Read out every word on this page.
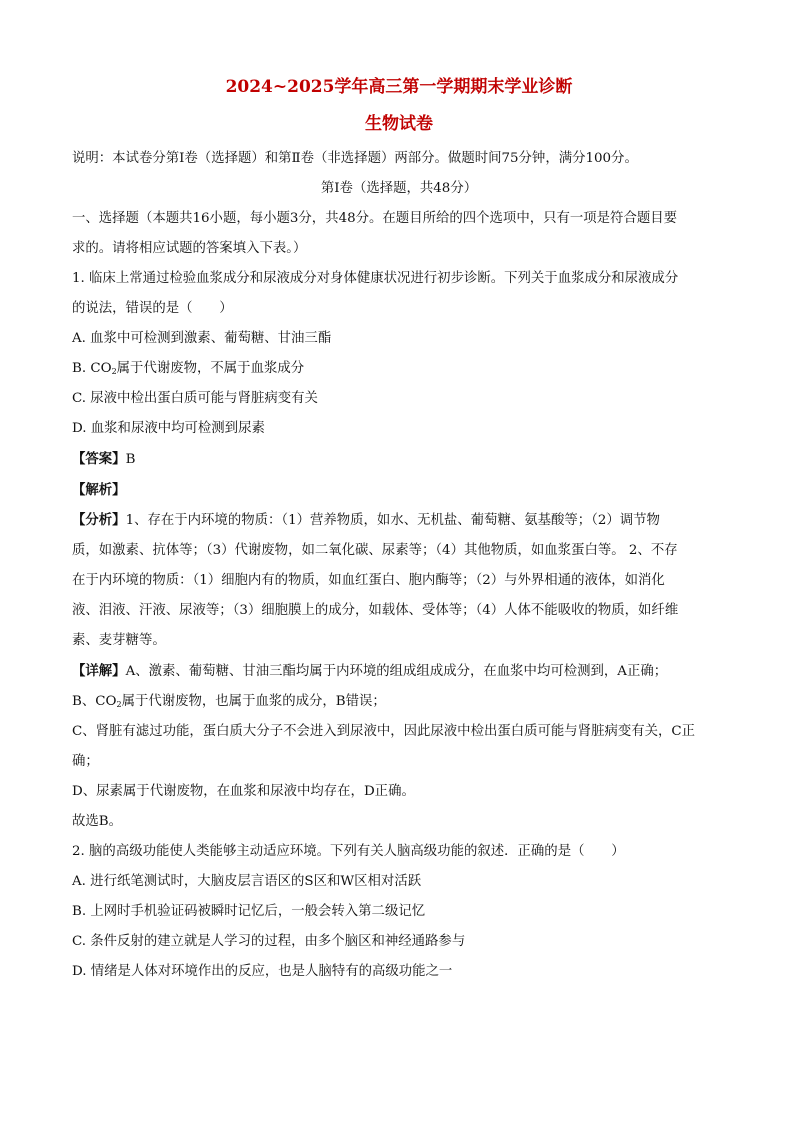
2024~2025学年高三第一学期期末学业诊断
生物试卷

说明：本试卷分第Ⅰ卷（选择题）和第Ⅱ卷（非选择题）两部分。做题时间75分钟，满分100分。

第Ⅰ卷（选择题，共48分）

一、选择题（本题共16小题，每小题3分，共48分。在题目所给的四个选项中，只有一项是符合题目要

求的。请将相应试题的答案填入下表。）

1. 临床上常通过检验血浆成分和尿液成分对身体健康状况进行初步诊断。下列关于血浆成分和尿液成分

的说法，错误的是（　　）

A. 血浆中可检测到激素、葡萄糖、甘油三酯

B. $CO_2$属于代谢废物，不属于血浆成分

C. 尿液中检出蛋白质可能与肾脏病变有关

D. 血浆和尿液中均可检测到尿素

【答案】B

【解析】

【分析】1、存在于内环境的物质：（1）营养物质，如水、无机盐、葡萄糖、氨基酸等；（2）调节物

质，如激素、抗体等；（3）代谢废物，如二氧化碳、尿素等；（4）其他物质，如血浆蛋白等。 2、不存

在于内环境的物质：（1）细胞内有的物质，如血红蛋白、胞内酶等；（2）与外界相通的液体，如消化

液、泪液、汗液、尿液等；（3）细胞膜上的成分，如载体、受体等；（4）人体不能吸收的物质，如纤维

素、麦芽糖等。

【详解】A、激素、葡萄糖、甘油三酯均属于内环境的组成组成成分，在血浆中均可检测到，A正确；

B、$CO_2$属于代谢废物，也属于血浆的成分，B错误；

C、肾脏有滤过功能，蛋白质大分子不会进入到尿液中，因此尿液中检出蛋白质可能与肾脏病变有关，C正

确；

D、尿素属于代谢废物，在血浆和尿液中均存在，D正确。

故选B。

2. 脑的高级功能使人类能够主动适应环境。下列有关人脑高级功能的叙述．正确的是（　　）

A. 进行纸笔测试时，大脑皮层言语区的S区和W区相对活跃

B. 上网时手机验证码被瞬时记忆后，一般会转入第二级记忆

C. 条件反射的建立就是人学习的过程，由多个脑区和神经通路参与

D. 情绪是人体对环境作出的反应，也是人脑特有的高级功能之一
